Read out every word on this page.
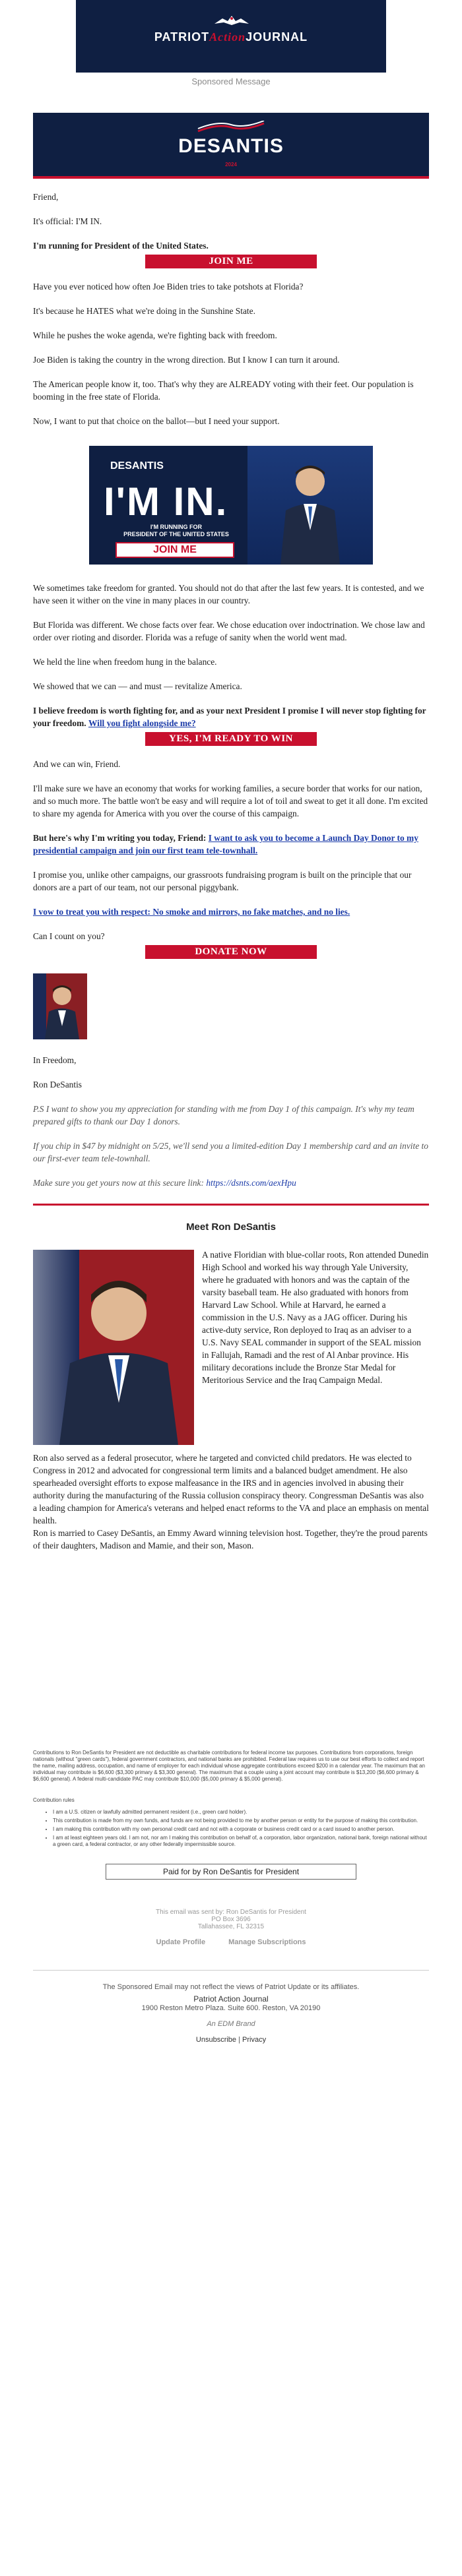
PATRIOTActionJOURNAL
Sponsored Message
DESANTIS
2024

Friend,

It's official: I'M IN.

I'm running for President of the United States.

JOIN ME

Have you ever noticed how often Joe Biden tries to take potshots at Florida?

It's because he HATES what we're doing in the Sunshine State.

While he pushes the woke agenda, we're fighting back with freedom.

Joe Biden is taking the country in the wrong direction. But I know I can turn it around.

The American people know it, too. That's why they are ALREADY voting with their feet. Our population is booming in the free state of Florida.

Now, I want to put that choice on the ballot—but I need your support.

DESANTIS
I'M IN.
I'M RUNNING FOR
PRESIDENT OF THE UNITED STATES
JOIN ME

We sometimes take freedom for granted. You should not do that after the last few years. It is contested, and we have seen it wither on the vine in many places in our country.

But Florida was different. We chose facts over fear. We chose education over indoctrination. We chose law and order over rioting and disorder. Florida was a refuge of sanity when the world went mad.

We held the line when freedom hung in the balance.

We showed that we can — and must — revitalize America.

I believe freedom is worth fighting for, and as your next President I promise I will never stop fighting for your freedom. Will you fight alongside me?

YES, I'M READY TO WIN

And we can win, Friend.

I'll make sure we have an economy that works for working families, a secure border that works for our nation, and so much more. The battle won't be easy and will require a lot of toil and sweat to get it all done. I'm excited to share my agenda for America with you over the course of this campaign.

But here's why I'm writing you today, Friend: I want to ask you to become a Launch Day Donor to my presidential campaign and join our first team tele-townhall.

I promise you, unlike other campaigns, our grassroots fundraising program is built on the principle that our donors are a part of our team, not our personal piggybank.

I vow to treat you with respect: No smoke and mirrors, no fake matches, and no lies.

Can I count on you?

DONATE NOW

In Freedom,

Ron DeSantis

P.S I want to show you my appreciation for standing with me from Day 1 of this campaign. It's why my team prepared gifts to thank our Day 1 donors.

If you chip in $47 by midnight on 5/25, we'll send you a limited-edition Day 1 membership card and an invite to our first-ever team tele-townhall.

Make sure you get yours now at this secure link: https://dsnts.com/aexHpu

Meet Ron DeSantis

A native Floridian with blue-collar roots, Ron attended Dunedin High School and worked his way through Yale University, where he graduated with honors and was the captain of the varsity baseball team. He also graduated with honors from Harvard Law School. While at Harvard, he earned a commission in the U.S. Navy as a JAG officer. During his active-duty service, Ron deployed to Iraq as an adviser to a U.S. Navy SEAL commander in support of the SEAL mission in Fallujah, Ramadi and the rest of Al Anbar province. His military decorations include the Bronze Star Medal for Meritorious Service and the Iraq Campaign Medal.

Ron also served as a federal prosecutor, where he targeted and convicted child predators. He was elected to Congress in 2012 and advocated for congressional term limits and a balanced budget amendment. He also spearheaded oversight efforts to expose malfeasance in the IRS and in agencies involved in abusing their authority during the manufacturing of the Russia collusion conspiracy theory. Congressman DeSantis was also a leading champion for America's veterans and helped enact reforms to the VA and place an emphasis on mental health.

Ron is married to Casey DeSantis, an Emmy Award winning television host. Together, they're the proud parents of their daughters, Madison and Mamie, and their son, Mason.

Contributions to Ron DeSantis for President are not deductible as charitable contributions for federal income tax purposes. Contributions from corporations, foreign nationals (without "green cards"), federal government contractors, and national banks are prohibited. Federal law requires us to use our best efforts to collect and report the name, mailing address, occupation, and name of employer for each individual whose aggregate contributions exceed $200 in a calendar year. The maximum that an individual may contribute is $6,600 ($3,300 primary & $3,300 general). The maximum that a couple using a joint account may contribute is $13,200 ($6,600 primary & $6,600 general). A federal multi-candidate PAC may contribute $10,000 ($5,000 primary & $5,000 general).
Contribution rules
• I am a U.S. citizen or lawfully admitted permanent resident (i.e., green card holder).
• This contribution is made from my own funds, and funds are not being provided to me by another person or entity for the purpose of making this contribution.
• I am making this contribution with my own personal credit card and not with a corporate or business credit card or a card issued to another person.
• I am at least eighteen years old. I am not, nor am I making this contribution on behalf of, a corporation, labor organization, national bank, foreign national without a green card, a federal contractor, or any other federally impermissible source.
Paid for by Ron DeSantis for President
This email was sent by: Ron DeSantis for President
PO Box 3696
Tallahassee, FL 32315
Update Profile	Manage Subscriptions
The Sponsored Email may not reflect the views of Patriot Update or its affiliates.
Patriot Action Journal
1900 Reston Metro Plaza. Suite 600. Reston, VA 20190
An EDM Brand
Unsubscribe | Privacy
